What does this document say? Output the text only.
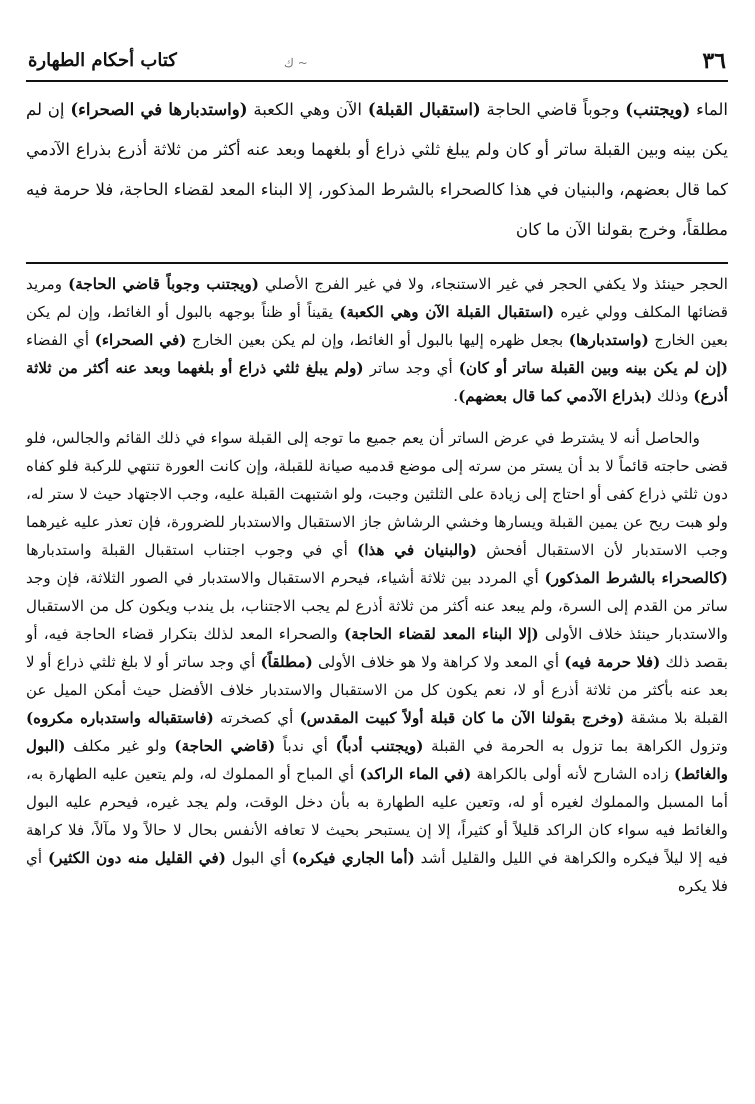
٣٦
~ ك
كتاب أحكام الطهارة

الماء (ويجتنب) وجوباً قاضي الحاجة (استقبال القبلة) الآن وهي الكعبة (واستدبارها في الصحراء) إن لم يكن بينه وبين القبلة ساتر أو كان ولم يبلغ ثلثي ذراع أو بلغهما وبعد عنه أكثر من ثلاثة أذرع بذراع الآدمي كما قال بعضهم، والبنيان في هذا كالصحراء بالشرط المذكور، إلا البناء المعد لقضاء الحاجة، فلا حرمة فيه مطلقاً، وخرج بقولنا الآن ما كان

الحجر حينئذ ولا يكفي الحجر في غير الاستنجاء، ولا في غير الفرج الأصلي (ويجتنب وجوباً قاضي الحاجة) ومريد قضائها المكلف وولي غيره (استقبال القبلة الآن وهي الكعبة) يقيناً أو ظناً بوجهه بالبول أو الغائط، وإن لم يكن بعين الخارج (واستدبارها) بجعل ظهره إليها بالبول أو الغائط، وإن لم يكن بعين الخارج (في الصحراء) أي الفضاء (إن لم يكن بينه وبين القبلة ساتر أو كان) أي وجد ساتر (ولم يبلغ ثلثي ذراع أو بلغهما وبعد عنه أكثر من ثلاثة أذرع) وذلك (بذراع الآدمي كما قال بعضهم).

والحاصل أنه لا يشترط في عرض الساتر أن يعم جميع ما توجه إلى القبلة سواء في ذلك القائم والجالس، فلو قضى حاجته قائماً لا بد أن يستر من سرته إلى موضع قدميه صيانة للقبلة، وإن كانت العورة تنتهي للركبة فلو كفاه دون ثلثي ذراع كفى أو احتاج إلى زيادة على الثلثين وجبت، ولو اشتبهت القبلة عليه، وجب الاجتهاد حيث لا ستر له، ولو هبت ريح عن يمين القبلة ويسارها وخشي الرشاش جاز الاستقبال والاستدبار للضرورة، فإن تعذر عليه غيرهما وجب الاستدبار لأن الاستقبال أفحش (والبنيان في هذا) أي في وجوب اجتناب استقبال القبلة واستدبارها (كالصحراء بالشرط المذكور) أي المردد بين ثلاثة أشياء، فيحرم الاستقبال والاستدبار في الصور الثلاثة، فإن وجد ساتر من القدم إلى السرة، ولم يبعد عنه أكثر من ثلاثة أذرع لم يجب الاجتناب، بل يندب ويكون كل من الاستقبال والاستدبار حينئذ خلاف الأولى (إلا البناء المعد لقضاء الحاجة) والصحراء المعد لذلك بتكرار قضاء الحاجة فيه، أو بقصد ذلك (فلا حرمة فيه) أي المعد ولا كراهة ولا هو خلاف الأولى (مطلقاً) أي وجد ساتر أو لا بلغ ثلثي ذراع أو لا بعد عنه بأكثر من ثلاثة أذرع أو لا، نعم يكون كل من الاستقبال والاستدبار خلاف الأفضل حيث أمكن الميل عن القبلة بلا مشقة (وخرج بقولنا الآن ما كان قبلة أولاً كبيت المقدس) أي كصخرته (فاستقباله واستدباره مكروه) وتزول الكراهة بما تزول به الحرمة في القبلة (ويجتنب أدباً) أي ندباً (قاضي الحاجة) ولو غير مكلف (البول والغائط) زاده الشارح لأنه أولى بالكراهة (في الماء الراكد) أي المباح أو المملوك له، ولم يتعين عليه الطهارة به، أما المسبل والمملوك لغيره أو له، وتعين عليه الطهارة به بأن دخل الوقت، ولم يجد غيره، فيحرم عليه البول والغائط فيه سواء كان الراكد قليلاً أو كثيراً، إلا إن يستبحر بحيث لا تعافه الأنفس بحال لا حالاً ولا مآلاً، فلا كراهة فيه إلا ليلاً فيكره والكراهة في الليل والقليل أشد (أما الجاري فيكره) أي البول (في القليل منه دون الكثير) أي فلا يكره
